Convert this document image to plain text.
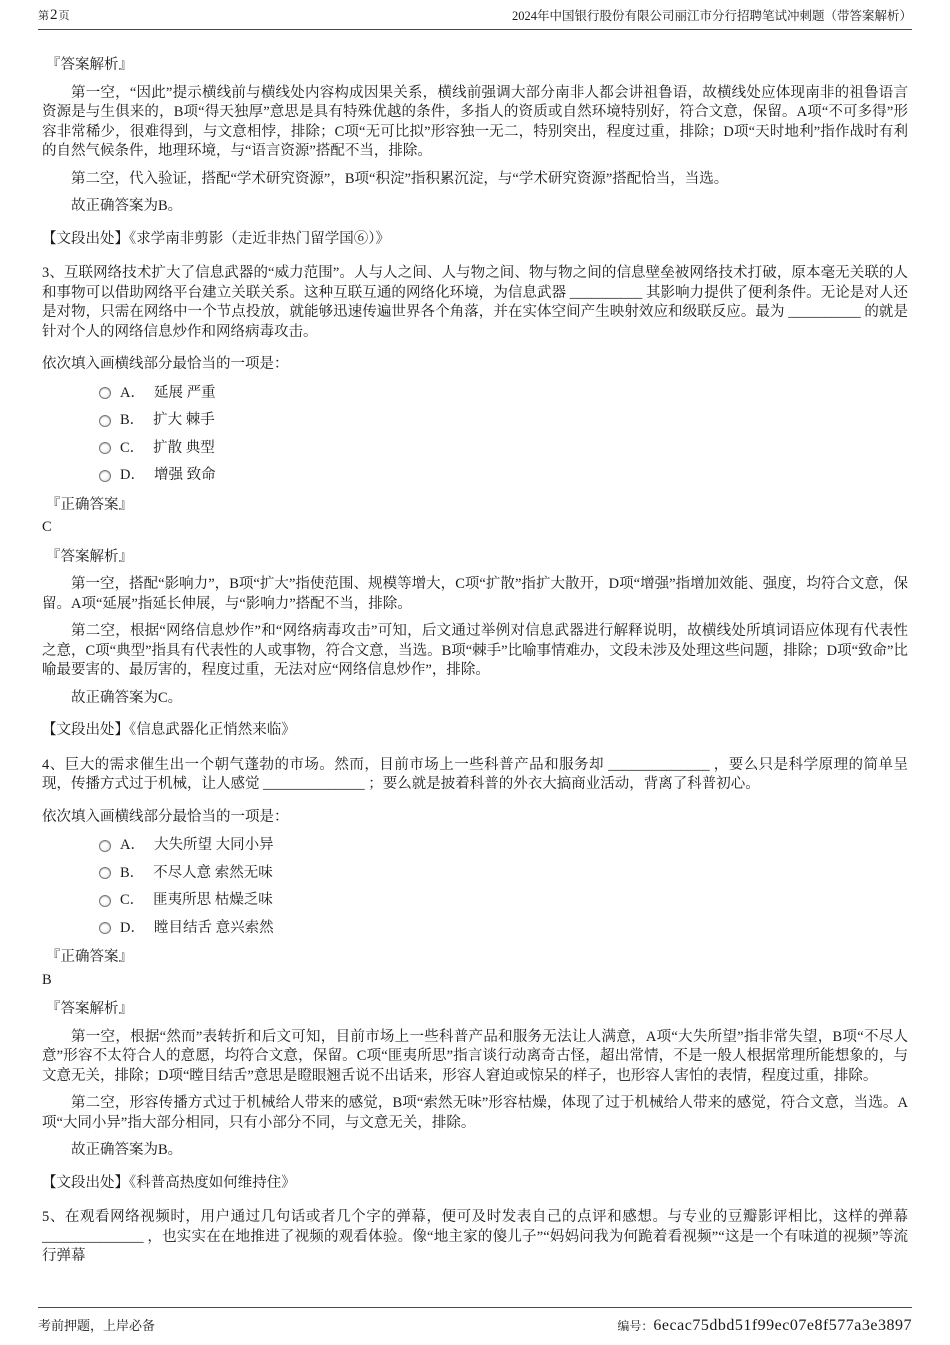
第2页	2024年中国银行股份有限公司丽江市分行招聘笔试冲刺题（带答案解析）
『答案解析』
第一空，“因此”提示横线前与横线处内容构成因果关系，横线前强调大部分南非人都会讲祖鲁语，故横线处应体现南非的祖鲁语言资源是与生俱来的，B项“得天独厚”意思是具有特殊优越的条件，多指人的资质或自然环境特别好，符合文意，保留。A项“不可多得”形容非常稀少，很难得到，与文意相悖，排除；C项“无可比拟”形容独一无二，特别突出，程度过重，排除；D项“天时地利”指作战时有利的自然气候条件，地理环境，与“语言资源”搭配不当，排除。
第二空，代入验证，搭配“学术研究资源”，B项“积淀”指积累沉淀，与“学术研究资源”搭配恰当，当选。
故正确答案为B。
【文段出处】《求学南非剪影（走近非热门留学国⑥）》
3、互联网络技术扩大了信息武器的“威力范围”。人与人之间、人与物之间、物与物之间的信息壁垒被网络技术打破，原本毫无关联的人和事物可以借助网络平台建立关联关系。这种互联互通的网络化环境，为信息武器 __________ 其影响力提供了便利条件。无论是对人还是对物，只需在网络中一个节点投放，就能够迅速传遍世界各个角落，并在实体空间产生映射效应和级联反应。最为 __________ 的就是针对个人的网络信息炒作和网络病毒攻击。
依次填入画横线部分最恰当的一项是：
A． 延展 严重
B． 扩大 棘手
C． 扩散 典型
D． 增强 致命
『正确答案』
C
『答案解析』
第一空，搭配“影响力”，B项“扩大”指使范围、规模等增大，C项“扩散”指扩大散开，D项“增强”指增加效能、强度，均符合文意，保留。A项“延展”指延长伸展，与“影响力”搭配不当，排除。
第二空，根据“网络信息炒作”和“网络病毒攻击”可知，后文通过举例对信息武器进行解释说明，故横线处所填词语应体现有代表性之意，C项“典型”指具有代表性的人或事物，符合文意，当选。B项“棘手”比喻事情难办，文段未涉及处理这些问题，排除；D项“致命”比喻最要害的、最厉害的，程度过重，无法对应“网络信息炒作”，排除。
故正确答案为C。
【文段出处】《信息武器化正悄然来临》
4、巨大的需求催生出一个朝气蓬勃的市场。然而，目前市场上一些科普产品和服务却 ______________ ，要么只是科学原理的简单呈现，传播方式过于机械，让人感觉 ______________ ；要么就是披着科普的外衣大搞商业活动，背离了科普初心。
依次填入画横线部分最恰当的一项是：
A． 大失所望 大同小异
B． 不尽人意 索然无味
C． 匪夷所思 枯燥乏味
D． 瞠目结舌 意兴索然
『正确答案』
B
『答案解析』
第一空，根据“然而”表转折和后文可知，目前市场上一些科普产品和服务无法让人满意，A项“大失所望”指非常失望，B项“不尽人意”形容不太符合人的意愿，均符合文意，保留。C项“匪夷所思”指言谈行动离奇古怪，超出常情，不是一般人根据常理所能想象的，与文意无关，排除；D项“瞠目结舌”意思是瞪眼翘舌说不出话来，形容人窘迫或惊呆的样子，也形容人害怕的表情，程度过重，排除。
第二空，形容传播方式过于机械给人带来的感觉，B项“索然无味”形容枯燥，体现了过于机械给人带来的感觉，符合文意，当选。A项“大同小异”指大部分相同，只有小部分不同，与文意无关，排除。
故正确答案为B。
【文段出处】《科普高热度如何维持住》
5、在观看网络视频时，用户通过几句话或者几个字的弹幕，便可及时发表自己的点评和感想。与专业的豆瓣影评相比，这样的弹幕 ______________ ，也实实在在地推进了视频的观看体验。像“地主家的傻儿子”“妈妈问我为何跪着看视频”“这是一个有味道的视频”等流行弹幕
考前押题，上岸必备	编号：6ecac75dbd51f99ec07e8f577a3e3897
